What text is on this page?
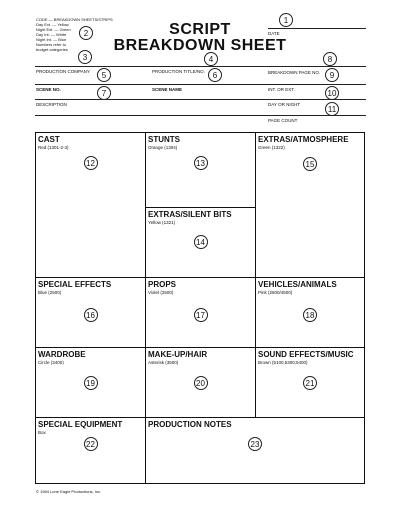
SCRIPT
BREAKDOWN SHEET
1
DATE
CODE — BREAKDOWN SHEETS/STRIPS
Day Ext. — Yellow
Night Ext. — Green
Day Int. — White
Night Int. — Blue
Numbers refer to
budget categories
2
3	4	8
PRODUCTION COMPANY	5	PRODUCTION TITLE/NO. 6	BREAKDOWN PAGE NO.	9
SCENE NO.	7	SCENE NAME	INT. OR EXT.	10
DESCRIPTION	DAY OR NIGHT
11
PAGE COUNT
CAST
Red (1301-2-3)
12
STUNTS
Orange (1304)
13
EXTRAS/ATMOSPHERE
Green (1322)
15
EXTRAS/SILENT BITS
Yellow (1321)
14
SPECIAL EFFECTS
Blue (2500)
16
PROPS
Violet (2500)
17
VEHICLES/ANIMALS
Pink (2600/4500)
18
WARDROBE
Circle (3400)
19
MAKE-UP/HAIR
Asterisk (3500)
20
SOUND EFFECTS/MUSIC
Brown (5100,5300,5400)
21
SPECIAL EQUIPMENT
Box
22
PRODUCTION NOTES
23
© 1984 Lone Eagle Productions, Inc.
